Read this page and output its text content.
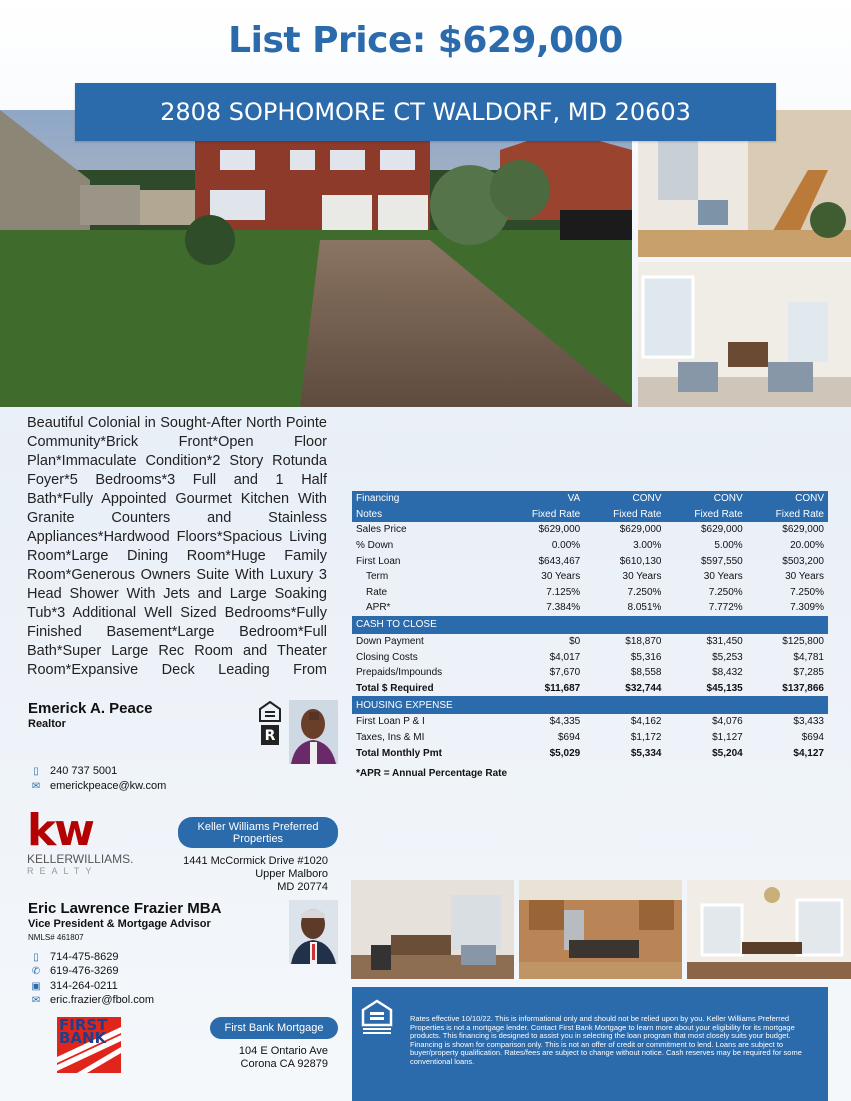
List Price: $629,000
2808 SOPHOMORE CT WALDORF, MD 20603
Beautiful Colonial in Sought-After North Pointe Community*Brick Front*Open Floor Plan*Immaculate Condition*2 Story Rotunda Foyer*5 Bedrooms*3 Full and 1 Half Bath*Fully Appointed Gourmet Kitchen With Granite Counters and Stainless Appliances*Hardwood Floors*Spacious Living Room*Large Dining Room*Huge Family Room*Generous Owners Suite With Luxury 3 Head Shower With Jets and Large Soaking Tub*3 Additional Well Sized Bedrooms*Fully Finished Basement*Large Bedroom*Full Bath*Super Large Rec Room and Theater Room*Expansive Deck Leading From
Emerick A. Peace
Realtor
R
▯ 240 737 5001
✉ emerickpeace@kw.com
kw
KELLERWILLIAMS.
REALTY
Keller Williams Preferred Properties
1441 McCormick Drive #1020
Upper Malboro
MD 20774
Eric Lawrence Frazier MBA
Vice President & Mortgage Advisor
NMLS# 461807
▯ 714-475-8629
✆ 619-476-3269
▣ 314-264-0211
✉ eric.frazier@fbol.com
FIRST
BANK
First Bank Mortgage
104 E Ontario Ave
Corona CA 92879
Financing	VA	CONV	CONV	CONV
Notes	Fixed Rate	Fixed Rate	Fixed Rate	Fixed Rate
Sales Price	$629,000	$629,000	$629,000	$629,000
% Down	0.00%	3.00%	5.00%	20.00%
First Loan	$643,467	$610,130	$597,550	$503,200
Term	30 Years	30 Years	30 Years	30 Years
Rate	7.125%	7.250%	7.250%	7.250%
APR*	7.384%	8.051%	7.772%	7.309%
CASH TO CLOSE				
Down Payment	$0	$18,870	$31,450	$125,800
Closing Costs	$4,017	$5,316	$5,253	$4,781
Prepaids/Impounds	$7,670	$8,558	$8,432	$7,285
Total $ Required	$11,687	$32,744	$45,135	$137,866
HOUSING EXPENSE				
First Loan P & I	$4,335	$4,162	$4,076	$3,433
Taxes, Ins & MI	$694	$1,172	$1,127	$694
Total Monthly Pmt	$5,029	$5,334	$5,204	$4,127
*APR = Annual Percentage Rate
Rates effective 10/10/22. This is informational only and should not be relied upon by you. Keller Williams Preferred Properties is not a mortgage lender. Contact First Bank Mortgage to learn more about your eligibility for its mortgage products. This financing is designed to assist you in selecting the loan program that most closely suits your budget. Financing is shown for comparison only. This is not an offer of credit or commitment to lend. Loans are subject to buyer/property qualification. Rates/fees are subject to change without notice. Cash reserves may be required for some conventional loans.
